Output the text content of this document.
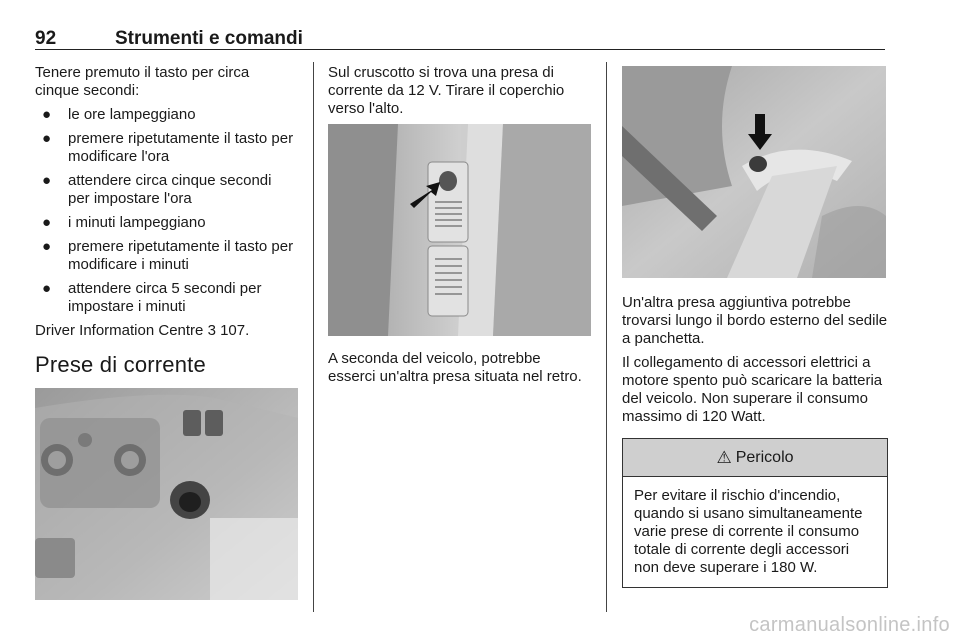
92	Strumenti e comandi

Tenere premuto il tasto per circa cinque secondi:

● le ore lampeggiano
● premere ripetutamente il tasto per modificare l'ora
● attendere circa cinque secondi per impostare l'ora
● i minuti lampeggiano
● premere ripetutamente il tasto per modificare i minuti
● attendere circa 5 secondi per impostare i minuti

Driver Information Centre 3 107.

Prese di corrente

Sul cruscotto si trova una presa di corrente da 12 V. Tirare il coperchio verso l'alto.

A seconda del veicolo, potrebbe esserci un'altra presa situata nel retro.

Un'altra presa aggiuntiva potrebbe trovarsi lungo il bordo esterno del sedile a panchetta.

Il collegamento di accessori elettrici a motore spento può scaricare la batteria del veicolo. Non superare il consumo massimo di 120 Watt.

⚠ Pericolo
Per evitare il rischio d'incendio, quando si usano simultaneamente varie prese di corrente il consumo totale di corrente degli accessori non deve superare i 180 W.
carmanualsonline.info
